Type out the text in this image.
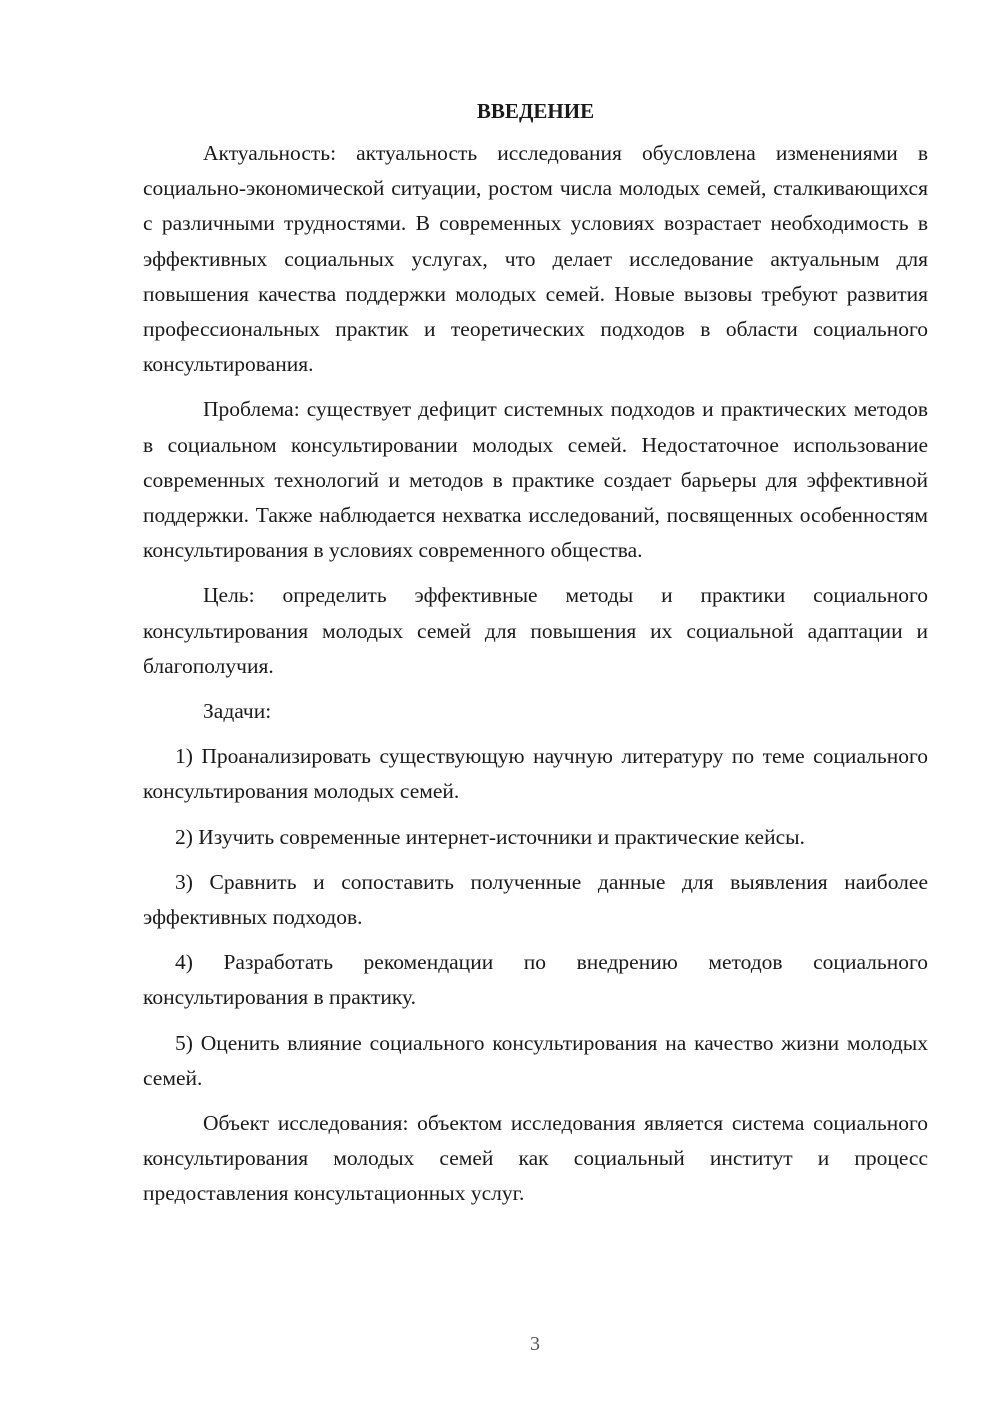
ВВЕДЕНИЕ

Актуальность: актуальность исследования обусловлена изменениями в социально-экономической ситуации, ростом числа молодых семей, сталкивающихся с различными трудностями. В современных условиях возрастает необходимость в эффективных социальных услугах, что делает исследование актуальным для повышения качества поддержки молодых семей. Новые вызовы требуют развития профессиональных практик и теоретических подходов в области социального консультирования.

Проблема: существует дефицит системных подходов и практических методов в социальном консультировании молодых семей. Недостаточное использование современных технологий и методов в практике создает барьеры для эффективной поддержки. Также наблюдается нехватка исследований, посвященных особенностям консультирования в условиях современного общества.

Цель: определить эффективные методы и практики социального консультирования молодых семей для повышения их социальной адаптации и благополучия.

Задачи:

1) Проанализировать существующую научную литературу по теме социального консультирования молодых семей.

2) Изучить современные интернет-источники и практические кейсы.

3) Сравнить и сопоставить полученные данные для выявления наиболее эффективных подходов.

4) Разработать рекомендации по внедрению методов социального консультирования в практику.

5) Оценить влияние социального консультирования на качество жизни молодых семей.

Объект исследования: объектом исследования является система социального консультирования молодых семей как социальный институт и процесс предоставления консультационных услуг.

3
